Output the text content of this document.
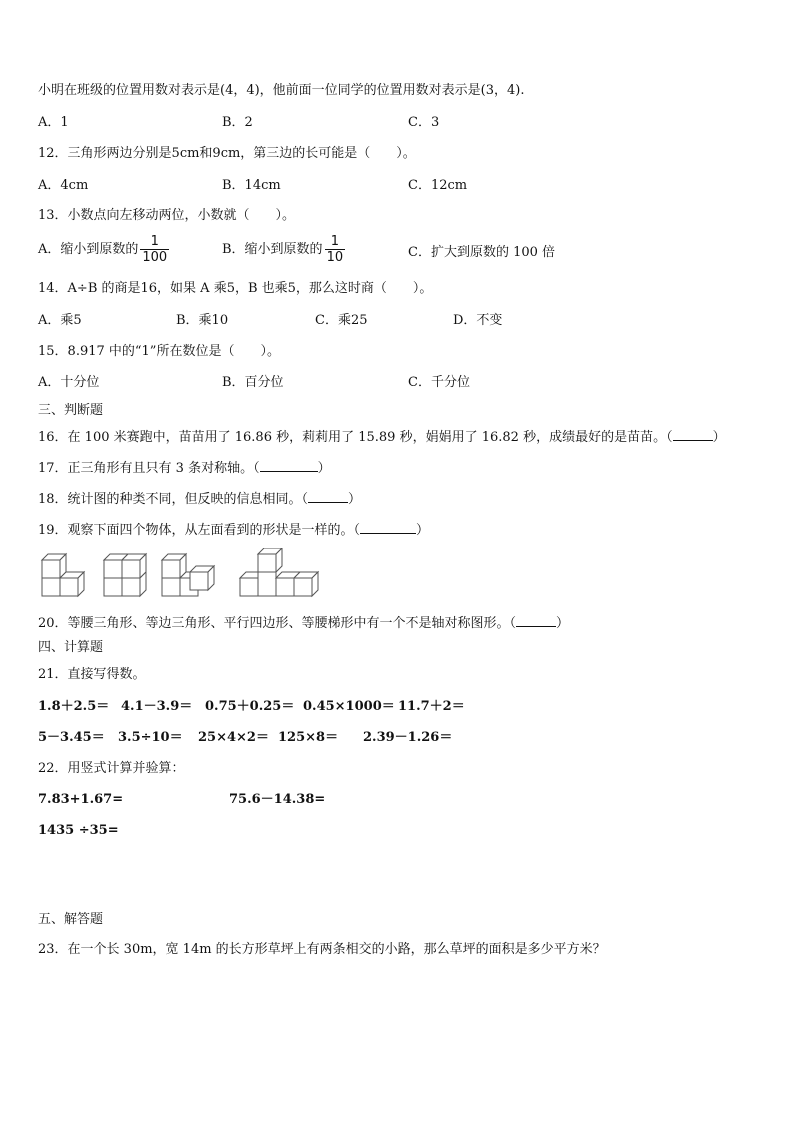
小明在班级的位置用数对表示是(4，4)，他前面一位同学的位置用数对表示是(3，4).
A．1	B．2	C．3
12．三角形两边分别是5cm和9cm，第三边的长可能是（　　）。
A．4cm	B．14cm	C．12cm
13．小数点向左移动两位，小数就（　　）。
A．缩小到原数的 $\frac{1}{100}$	B．缩小到原数的 $\frac{1}{10}$	C．扩大到原数的 100 倍
14．A÷B 的商是16，如果 A 乘5，B 也乘5，那么这时商（　　）。
A．乘5	B．乘10	C．乘25	D．不变
15．8.917 中的“1”所在数位是（　　）。
A．十分位	B．百分位	C．千分位
三、判断题
16．在 100 米赛跑中，苗苗用了 16.86 秒，莉莉用了 15.89 秒，娟娟用了 16.82 秒，成绩最好的是苗苗。（	）
17．正三角形有且只有 3 条对称轴。（	）
18．统计图的种类不同，但反映的信息相同。（	）
19．观察下面四个物体，从左面看到的形状是一样的。（	）
20．等腰三角形、等边三角形、平行四边形、等腰梯形中有一个不是轴对称图形。（	）
四、计算题
21．直接写得数。
1.8＋2.5＝ 4.1－3.9＝ 0.75＋0.25＝ 0.45×1000＝ 11.7＋2＝
5－3.45＝ 3.5÷10＝ 25×4×2＝ 125×8＝ 2.39－1.26＝
22．用竖式计算并验算：
7.83+1.67=	75.6－14.38=
1435 ÷35=
五、解答题
23．在一个长 30m，宽 14m 的长方形草坪上有两条相交的小路，那么草坪的面积是多少平方米？
